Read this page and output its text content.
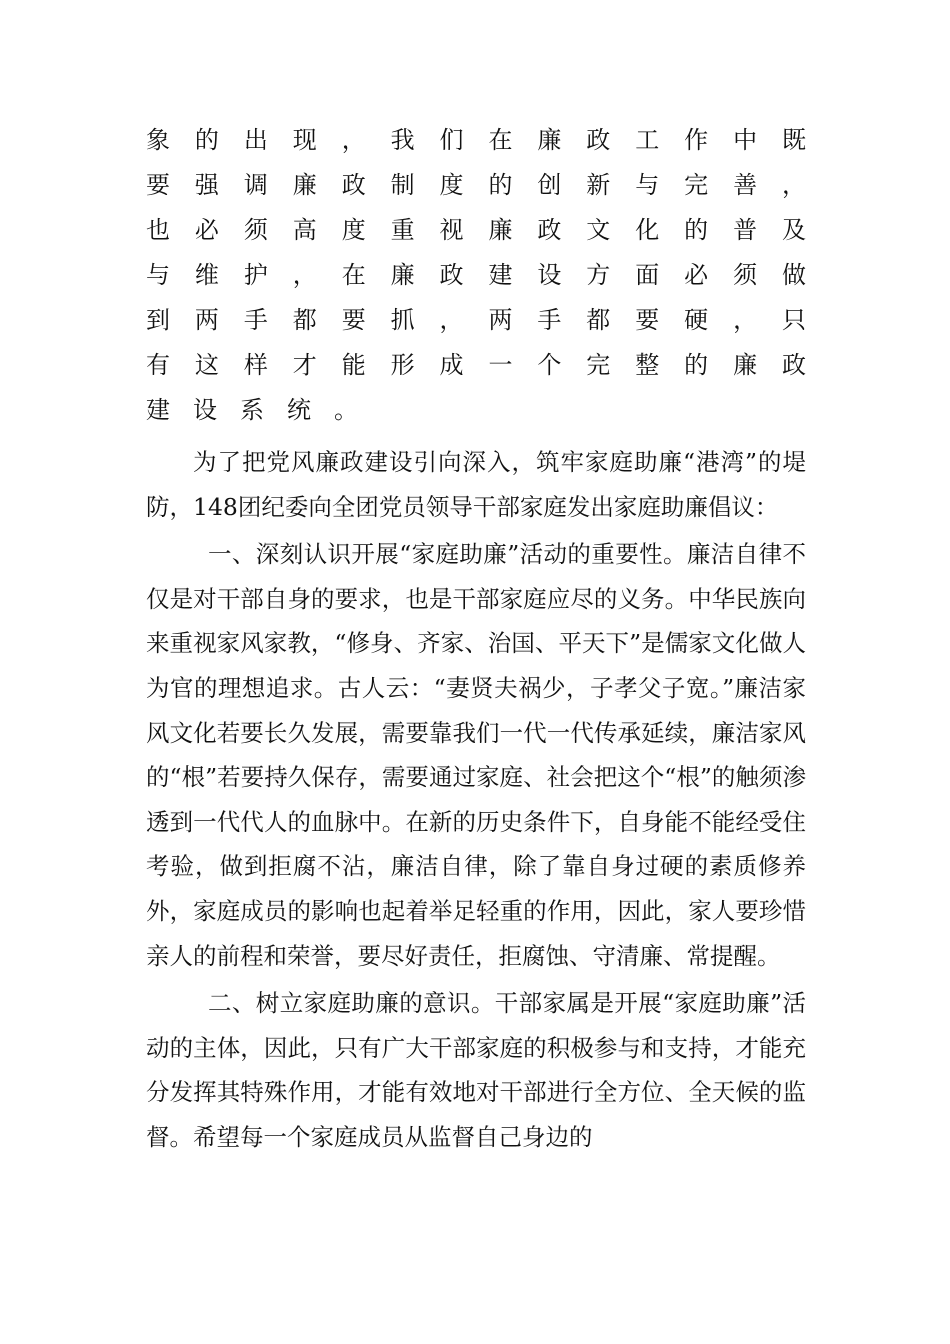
象 的 出 现 ， 我 们 在 廉 政 工 作 中 既
要 强 调 廉 政 制 度 的 创 新 与 完 善 ，
也 必 须 高 度 重 视 廉 政 文 化 的 普 及
与 维 护 ， 在 廉 政 建 设 方 面 必 须 做
到 两 手 都 要 抓 ， 两 手 都 要 硬 ， 只
有 这 样 才 能 形 成 一 个 完 整 的 廉 政
建 设 系 统 。

为了把党风廉政建设引向深入，筑牢家庭助廉“港湾”的堤防，148团纪委向全团党员领导干部家庭发出家庭助廉倡议：

一、深刻认识开展“家庭助廉”活动的重要性。廉洁自律不仅是对干部自身的要求，也是干部家庭应尽的义务。中华民族向来重视家风家教，“修身、齐家、治国、平天下”是儒家文化做人为官的理想追求。古人云：“妻贤夫祸少，子孝父子宽。”廉洁家风文化若要长久发展，需要靠我们一代一代传承延续，廉洁家风的“根”若要持久保存，需要通过家庭、社会把这个“根”的触须渗透到一代代人的血脉中。在新的历史条件下，自身能不能经受住考验，做到拒腐不沾，廉洁自律，除了靠自身过硬的素质修养外，家庭成员的影响也起着举足轻重的作用，因此，家人要珍惜亲人的前程和荣誉，要尽好责任，拒腐蚀、守清廉、常提醒。

二、树立家庭助廉的意识。干部家属是开展“家庭助廉”活动的主体，因此，只有广大干部家庭的积极参与和支持，才能充分发挥其特殊作用，才能有效地对干部进行全方位、全天候的监督。希望每一个家庭成员从监督自己身边的
